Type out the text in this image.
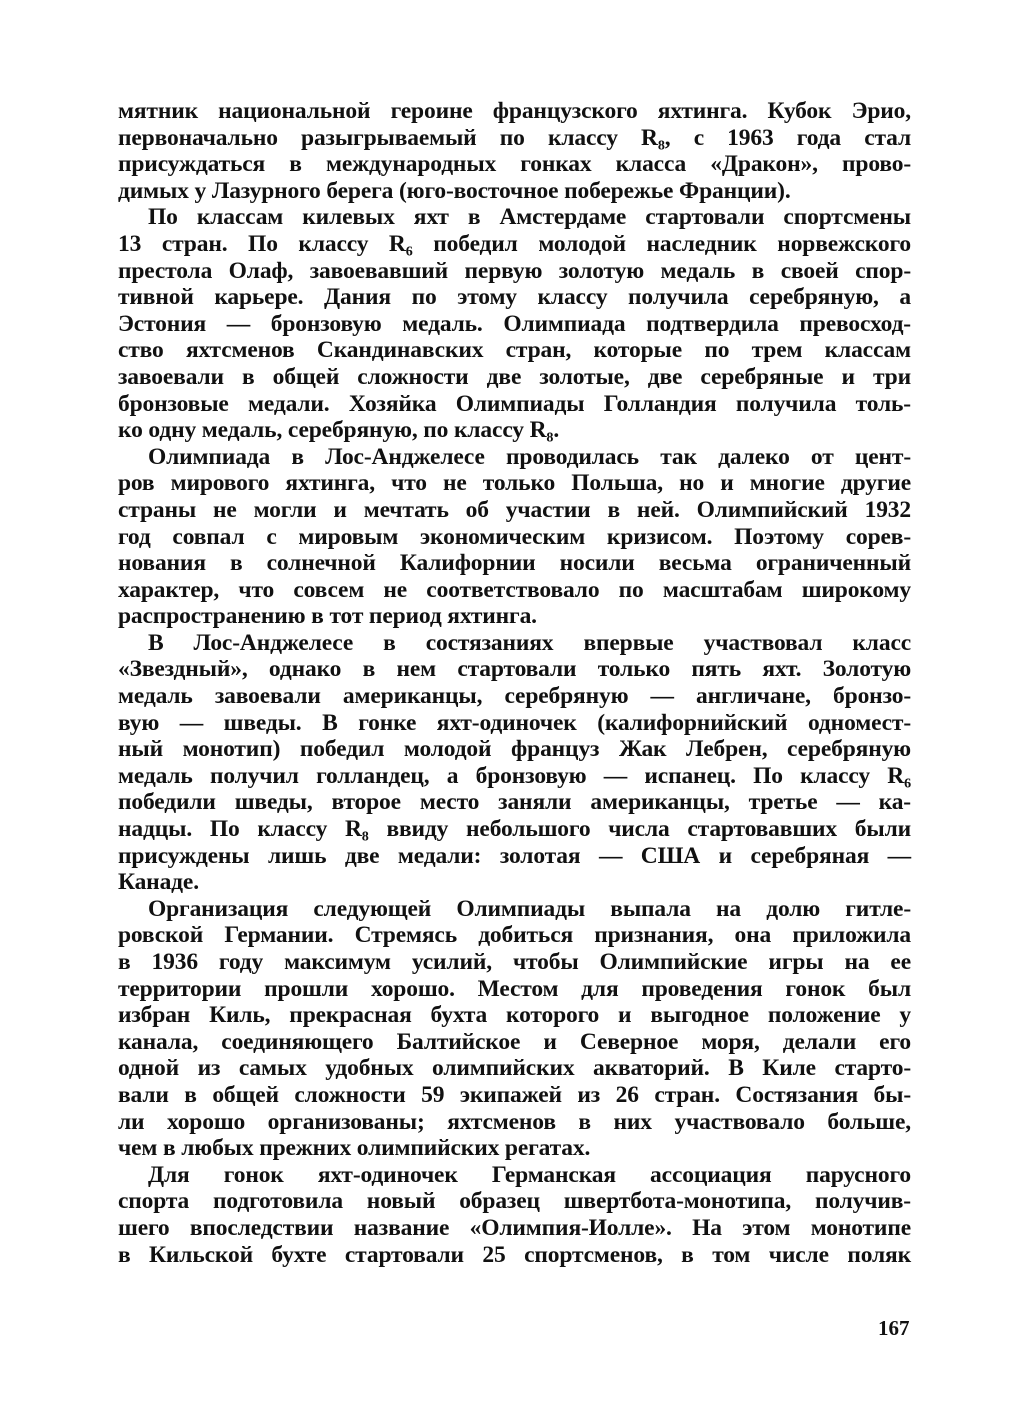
мятник национальной героине французского яхтинга. Кубок Эрио,
первоначально разыгрываемый по классу R₈, с 1963 года стал
присуждаться в международных гонках класса «Дракон», прово-
димых у Лазурного берега (юго-восточное побережье Франции).
По классам килевых яхт в Амстердаме стартовали спортсмены
13 стран. По классу R₆ победил молодой наследник норвежского
престола Олаф, завоевавший первую золотую медаль в своей спор-
тивной карьере. Дания по этому классу получила серебряную, а
Эстония — бронзовую медаль. Олимпиада подтвердила превосход-
ство яхтсменов Скандинавских стран, которые по трем классам
завоевали в общей сложности две золотые, две серебряные и три
бронзовые медали. Хозяйка Олимпиады Голландия получила толь-
ко одну медаль, серебряную, по классу R₈.
Олимпиада в Лос-Анджелесе проводилась так далеко от цент-
ров мирового яхтинга, что не только Польша, но и многие другие
страны не могли и мечтать об участии в ней. Олимпийский 1932
год совпал с мировым экономическим кризисом. Поэтому сорев-
нования в солнечной Калифорнии носили весьма ограниченный
характер, что совсем не соответствовало по масштабам широкому
распространению в тот период яхтинга.
В Лос-Анджелесе в состязаниях впервые участвовал класс
«Звездный», однако в нем стартовали только пять яхт. Золотую
медаль завоевали американцы, серебряную — англичане, бронзо-
вую — шведы. В гонке яхт-одиночек (калифорнийский одномест-
ный монотип) победил молодой француз Жак Лебрен, серебряную
медаль получил голландец, а бронзовую — испанец. По классу R₆
победили шведы, второе место заняли американцы, третье — ка-
надцы. По классу R₈ ввиду небольшого числа стартовавших были
присуждены лишь две медали: золотая — США и серебряная —
Канаде.
Организация следующей Олимпиады выпала на долю гитле-
ровской Германии. Стремясь добиться признания, она приложила
в 1936 году максимум усилий, чтобы Олимпийские игры на ее
территории прошли хорошо. Местом для проведения гонок был
избран Киль, прекрасная бухта которого и выгодное положение у
канала, соединяющего Балтийское и Северное моря, делали его
одной из самых удобных олимпийских акваторий. В Киле старто-
вали в общей сложности 59 экипажей из 26 стран. Состязания бы-
ли хорошо организованы; яхтсменов в них участвовало больше,
чем в любых прежних олимпийских регатах.
Для гонок яхт-одиночек Германская ассоциация парусного
спорта подготовила новый образец швертбота-монотипа, получив-
шего впоследствии название «Олимпия-Иолле». На этом монотипе
в Кильской бухте стартовали 25 спортсменов, в том числе поляк
167
